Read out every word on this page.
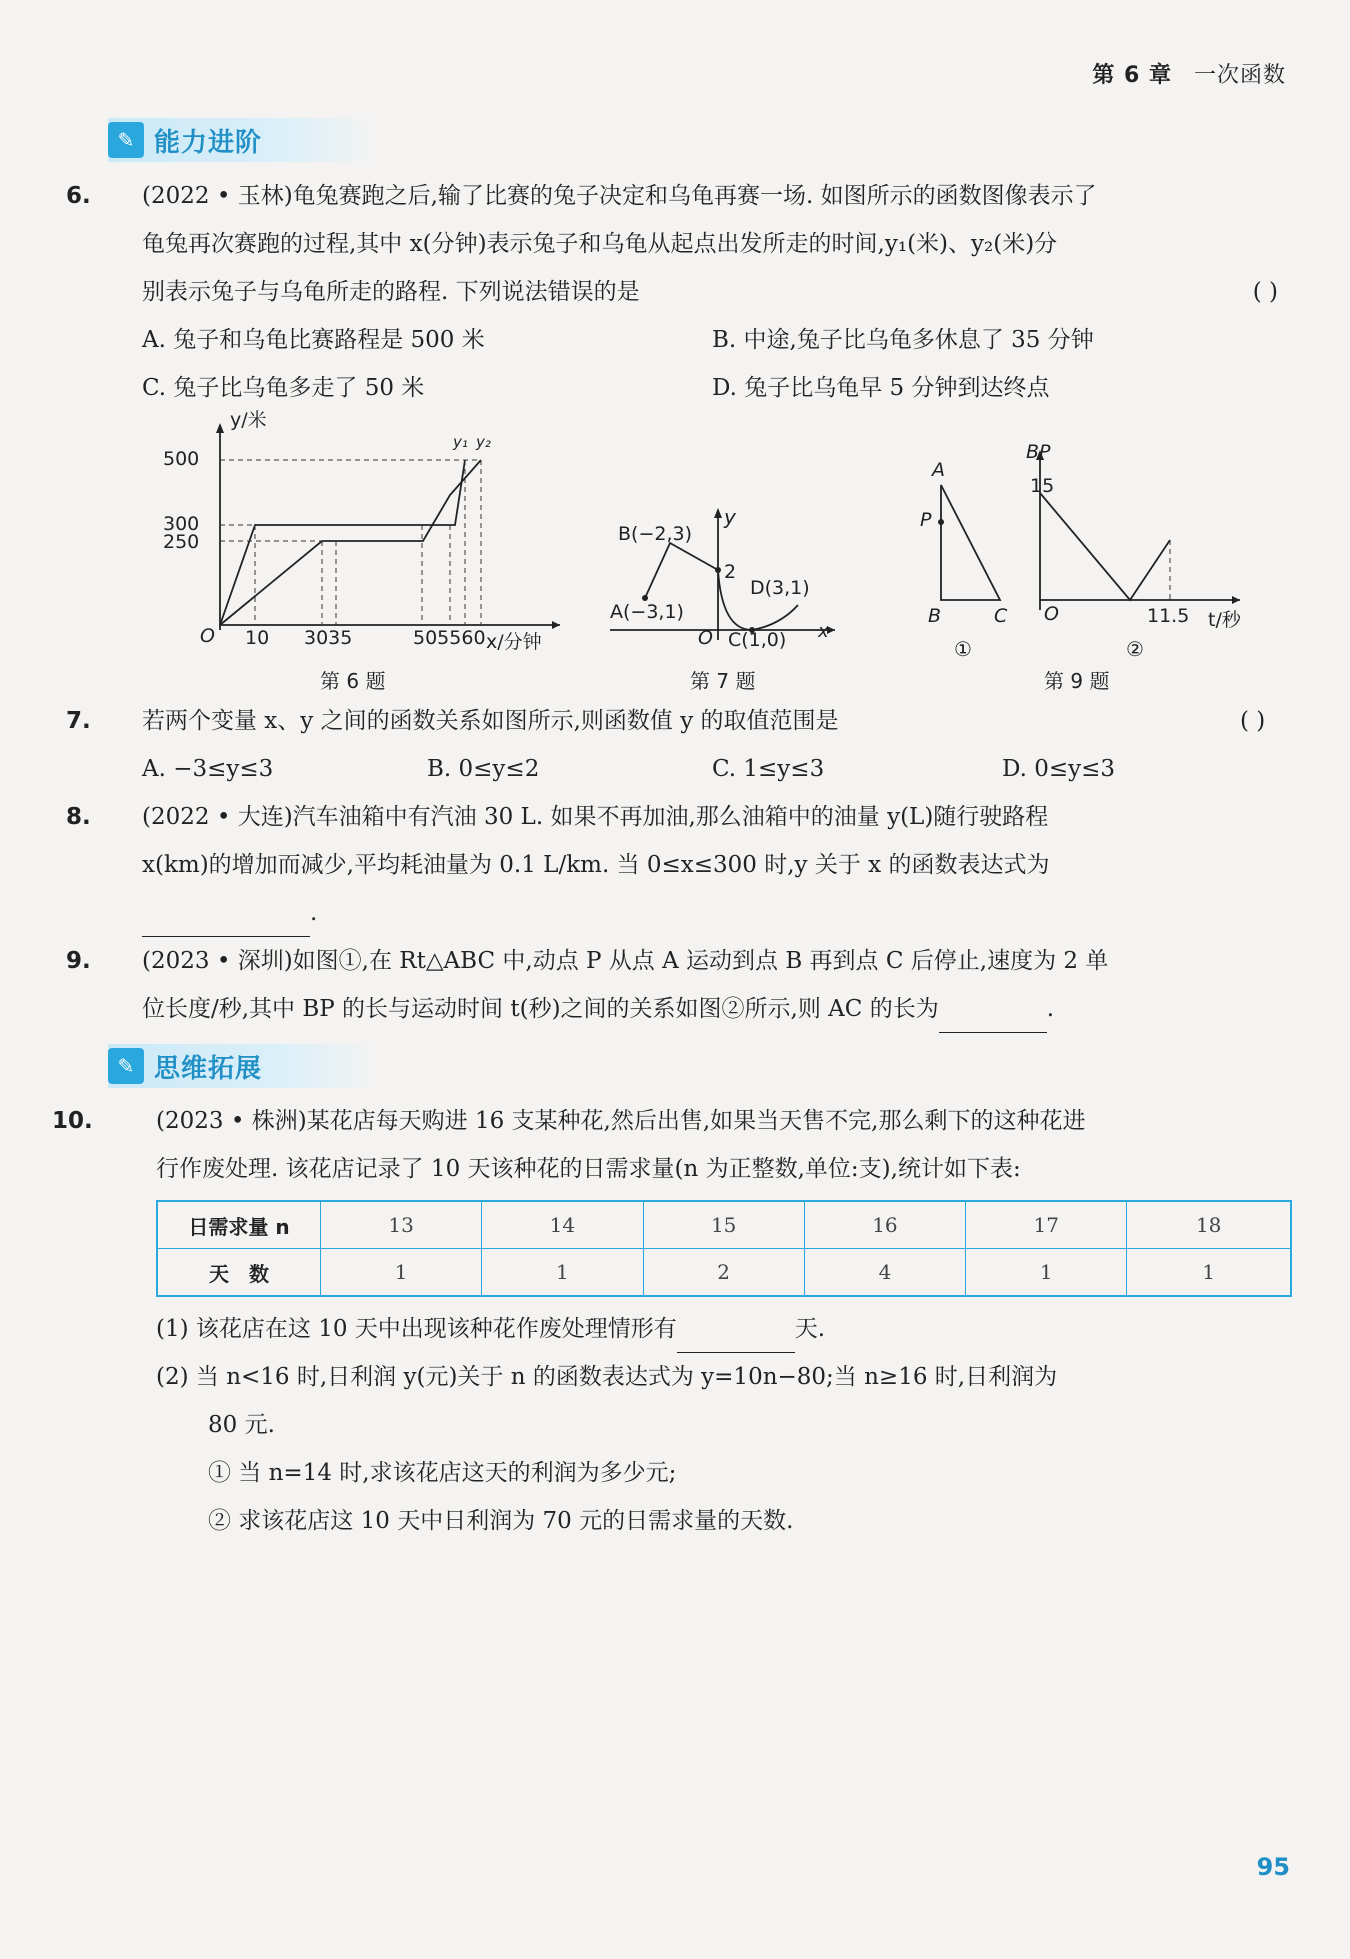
第 6 章 一次函数
✎ 能力进阶
6. (2022 • 玉林)龟兔赛跑之后,输了比赛的兔子决定和乌龟再赛一场. 如图所示的函数图像表示了
龟兔再次赛跑的过程,其中 x(分钟)表示兔子和乌龟从起点出发所走的时间,y₁(米)、y₂(米)分
别表示兔子与乌龟所走的路程. 下列说法错误的是	( )
A. 兔子和乌龟比赛路程是 500 米	B. 中途,兔子比乌龟多休息了 35 分钟
C. 兔子比乌龟多走了 50 米	D. 兔子比乌龟早 5 分钟到达终点
y/米
500
300
250
O 10 3035	505560 x/分钟
y₁ y₂
第 6 题
y
B(−2,3)
A(−3,1)
2
D(3,1)
O C(1,0) x
第 7 题
A
P
B	C
①
BP
15
O	11.5 t/秒
②
第 9 题
7. 若两个变量 x、y 之间的函数关系如图所示,则函数值 y 的取值范围是	( )
A. −3≤y≤3	B. 0≤y≤2	C. 1≤y≤3	D. 0≤y≤3
8. (2022 • 大连)汽车油箱中有汽油 30 L. 如果不再加油,那么油箱中的油量 y(L)随行驶路程
x(km)的增加而减少,平均耗油量为 0.1 L/km. 当 0≤x≤300 时,y 关于 x 的函数表达式为
.
9. (2023 • 深圳)如图①,在 Rt△ABC 中,动点 P 从点 A 运动到点 B 再到点 C 后停止,速度为 2 单
位长度/秒,其中 BP 的长与运动时间 t(秒)之间的关系如图②所示,则 AC 的长为	.
✎ 思维拓展
10.	(2023 • 株洲)某花店每天购进 16 支某种花,然后出售,如果当天售不完,那么剩下的这种花进
行作废处理. 该花店记录了 10 天该种花的日需求量(n 为正整数,单位:支),统计如下表:
日需求量 n	13	14	15	16	17	18
天　数	1	1	2	4	1	1
(1) 该花店在这 10 天中出现该种花作废处理情形有	天.
(2) 当 n<16 时,日利润 y(元)关于 n 的函数表达式为 y=10n−80;当 n≥16 时,日利润为
80 元.
① 当 n=14 时,求该花店这天的利润为多少元;
② 求该花店这 10 天中日利润为 70 元的日需求量的天数.
95
